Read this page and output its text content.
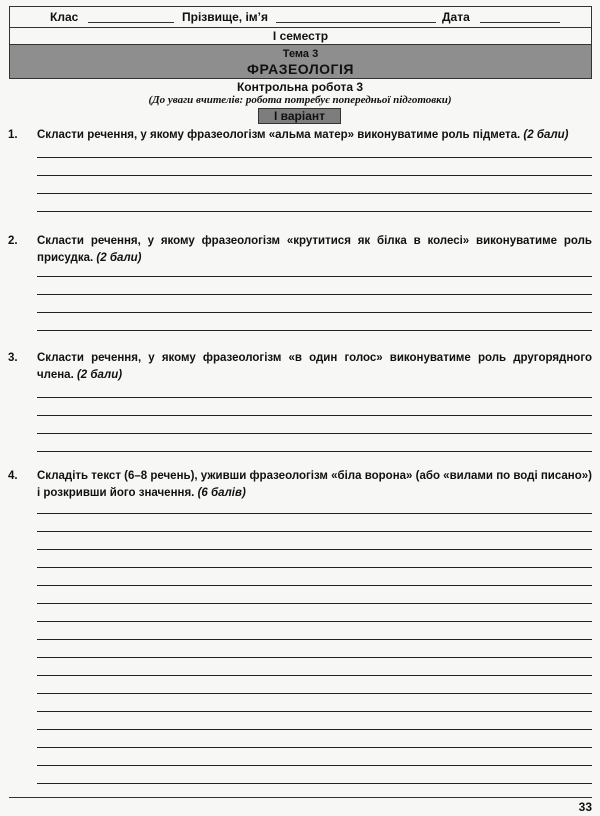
Клас	Прізвище, ім’я	Дата
І семестр
Тема 3
ФРАЗЕОЛОГІЯ
Контрольна робота 3
(До уваги вчителів: робота потребує попередньої підготовки)
І варіант
1. Скласти речення, у якому фразеологізм «альма матер» виконуватиме роль підмета. (2 бали)
2. Скласти речення, у якому фразеологізм «крутитися як білка в колесі» виконуватиме роль присудка. (2 бали)
3. Скласти речення, у якому фразеологізм «в один голос» виконуватиме роль другорядного члена. (2 бали)
4. Складіть текст (6–8 речень), уживши фразеологізм «біла ворона» (або «вилами по воді писано») і розкривши його значення. (6 балів)
33
